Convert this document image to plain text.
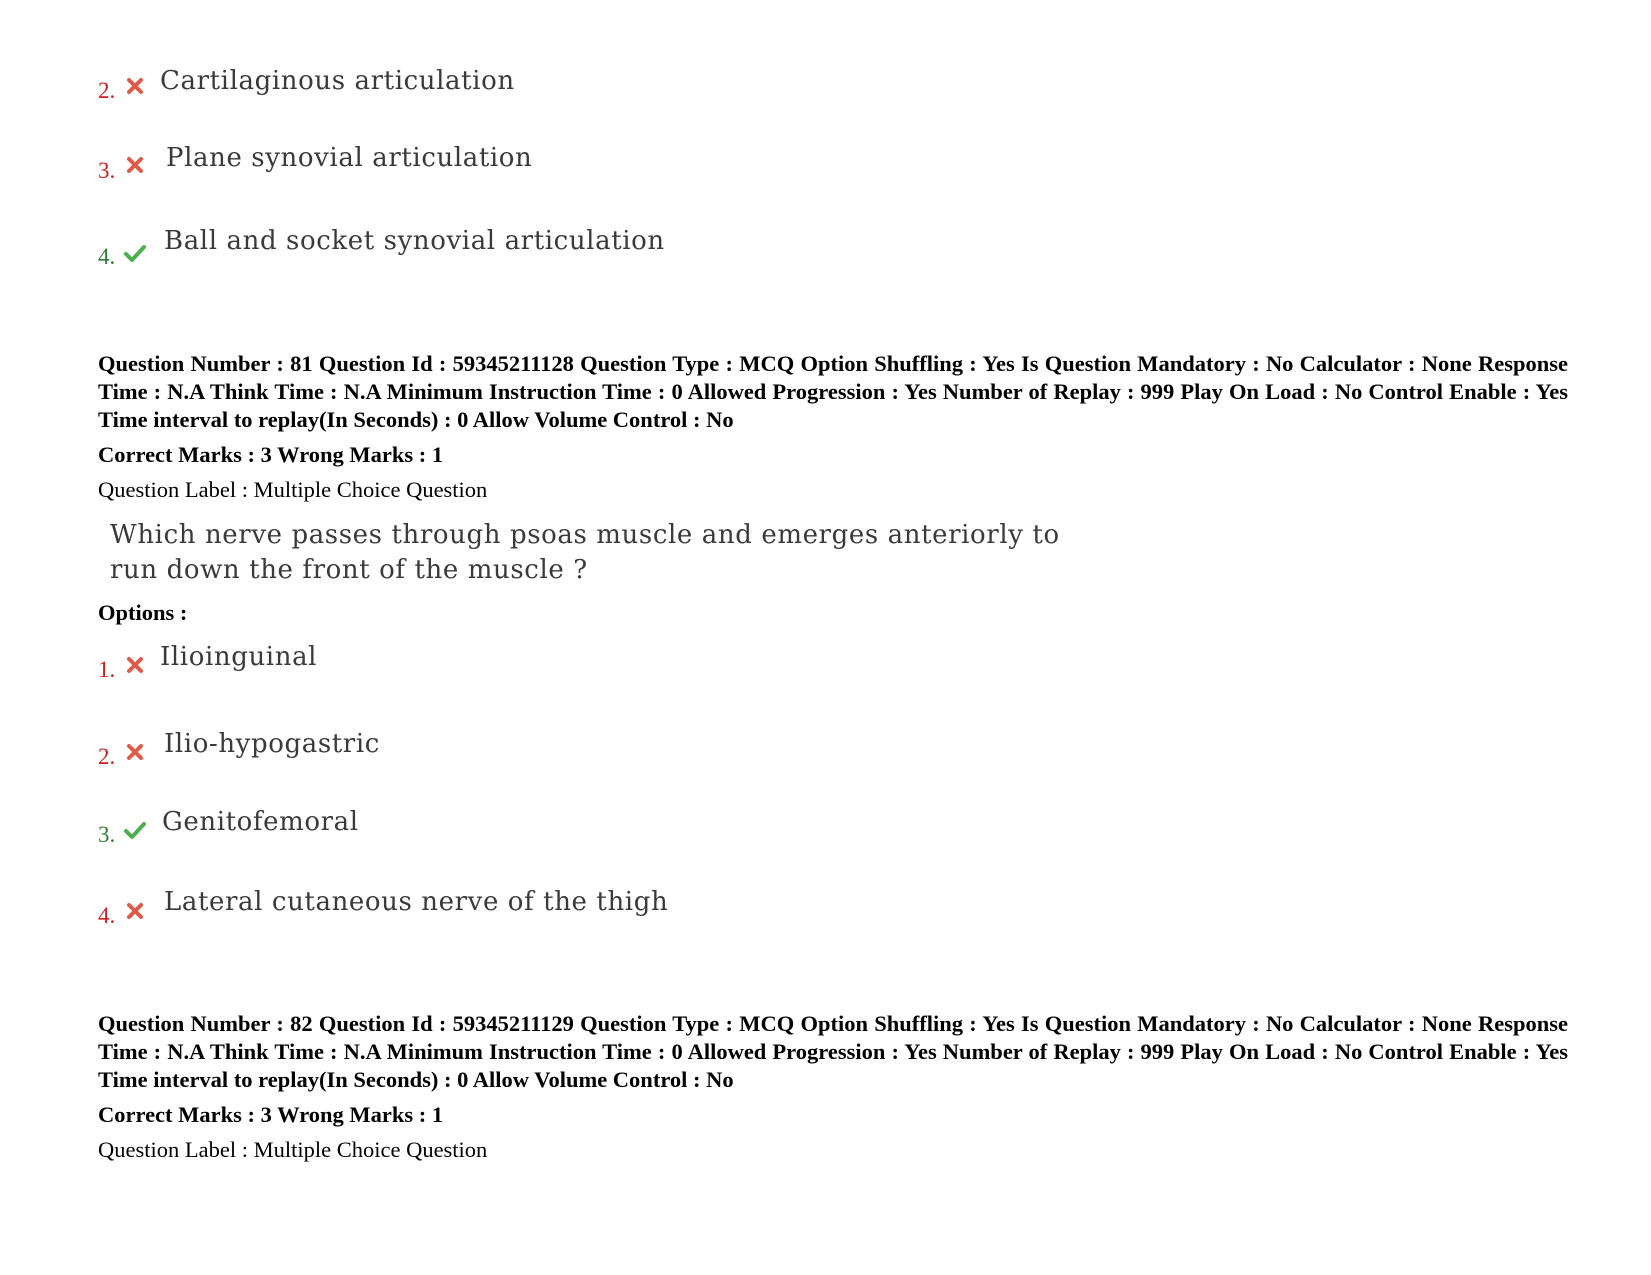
2. Cartilaginous articulation
3. Plane synovial articulation
4.
Ball and socket synovial articulation
Question Number : 81 Question Id : 59345211128 Question Type : MCQ Option Shuffling : Yes Is Question Mandatory : No Calculator : None Response Time : N.A Think Time : N.A Minimum Instruction Time : 0 Allowed Progression : Yes Number of Replay : 999 Play On Load : No Control Enable : Yes Time interval to replay(In Seconds) : 0 Allow Volume Control : No
Correct Marks : 3 Wrong Marks : 1
Question Label : Multiple Choice Question
Which nerve passes through psoas muscle and emerges anteriorly to
run down the front of the muscle ?
Options :
1. Ilioinguinal
2. Ilio-hypogastric
3. Genitofemoral
4. Lateral cutaneous nerve of the thigh
Question Number : 82 Question Id : 59345211129 Question Type : MCQ Option Shuffling : Yes Is Question Mandatory : No Calculator : None Response Time : N.A Think Time : N.A Minimum Instruction Time : 0 Allowed Progression : Yes Number of Replay : 999 Play On Load : No Control Enable : Yes Time interval to replay(In Seconds) : 0 Allow Volume Control : No
Correct Marks : 3 Wrong Marks : 1
Question Label : Multiple Choice Question
